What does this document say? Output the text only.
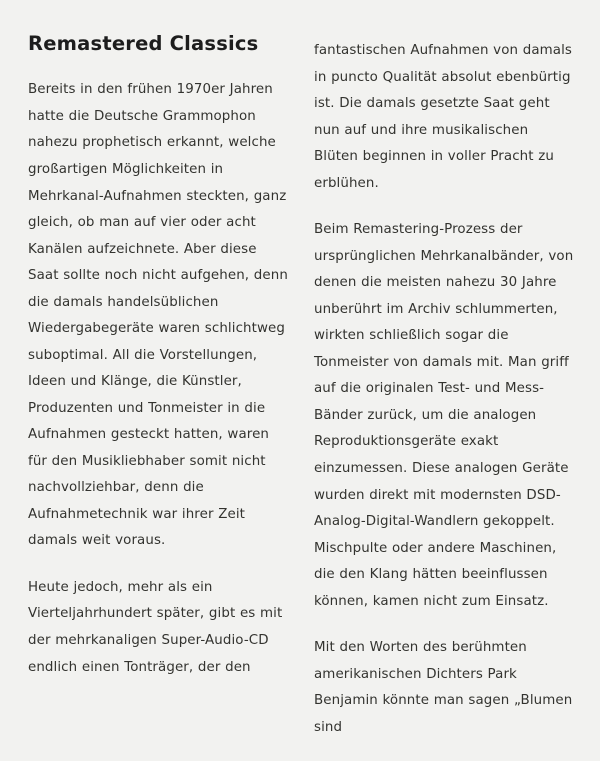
Remastered Classics

Bereits in den frühen 1970er Jahren hatte die Deutsche Grammophon nahezu prophetisch erkannt, welche großartigen Möglichkeiten in Mehrkanal-Aufnahmen steckten, ganz gleich, ob man auf vier oder acht Kanälen aufzeichnete. Aber diese Saat sollte noch nicht aufgehen, denn die damals handelsüblichen Wiedergabegeräte waren schlichtweg suboptimal. All die Vorstellungen, Ideen und Klänge, die Künstler, Produzenten und Tonmeister in die Aufnahmen gesteckt hatten, waren für den Musikliebhaber somit nicht nachvollziehbar, denn die Aufnahmetechnik war ihrer Zeit damals weit voraus.

Heute jedoch, mehr als ein Vierteljahrhundert später, gibt es mit der mehrkanaligen Super-Audio-CD endlich einen Tonträger, der den

fantastischen Aufnahmen von damals in puncto Qualität absolut ebenbürtig ist. Die damals gesetzte Saat geht nun auf und ihre musikalischen Blüten beginnen in voller Pracht zu erblühen.

Beim Remastering-Prozess der ursprünglichen Mehrkanalbänder, von denen die meisten nahezu 30 Jahre unberührt im Archiv schlummerten, wirkten schließlich sogar die Tonmeister von damals mit. Man griff auf die originalen Test- und Mess-Bänder zurück, um die analogen Reproduktionsgeräte exakt einzumessen. Diese analogen Geräte wurden direkt mit modernsten DSD-Analog-Digital-Wandlern gekoppelt. Mischpulte oder andere Maschinen, die den Klang hätten beeinflussen können, kamen nicht zum Einsatz.

Mit den Worten des berühmten amerikanischen Dichters Park Benjamin könnte man sagen „Blumen sind
